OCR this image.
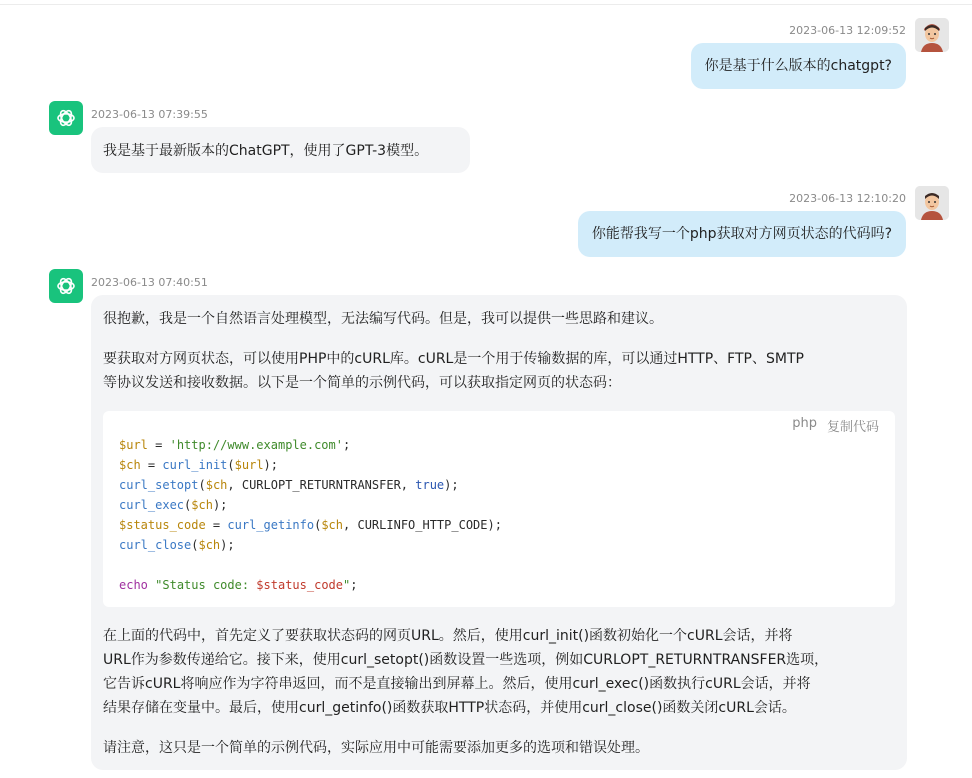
2023-06-13 12:09:52
你是基于什么版本的chatgpt?
2023-06-13 07:39:55
我是基于最新版本的ChatGPT，使用了GPT-3模型。
2023-06-13 12:10:20
你能帮我写一个php获取对方网页状态的代码吗?
2023-06-13 07:40:51

很抱歉，我是一个自然语言处理模型，无法编写代码。但是，我可以提供一些思路和建议。

要获取对方网页状态，可以使用PHP中的cURL库。cURL是一个用于传输数据的库，可以通过HTTP、FTP、SMTP

等协议发送和接收数据。以下是一个简单的示例代码，可以获取指定网页的状态码：

php 复制代码
$url = 'http://www.example.com';
$ch = curl_init($url);
curl_setopt($ch, CURLOPT_RETURNTRANSFER, true);
curl_exec($ch);
$status_code = curl_getinfo($ch, CURLINFO_HTTP_CODE);
curl_close($ch);

echo "Status code: $status_code";

在上面的代码中，首先定义了要获取状态码的网页URL。然后，使用curl_init()函数初始化一个cURL会话，并将

URL作为参数传递给它。接下来，使用curl_setopt()函数设置一些选项，例如CURLOPT_RETURNTRANSFER选项，

它告诉cURL将响应作为字符串返回，而不是直接输出到屏幕上。然后，使用curl_exec()函数执行cURL会话，并将

结果存储在变量中。最后，使用curl_getinfo()函数获取HTTP状态码，并使用curl_close()函数关闭cURL会话。

请注意，这只是一个简单的示例代码，实际应用中可能需要添加更多的选项和错误处理。
